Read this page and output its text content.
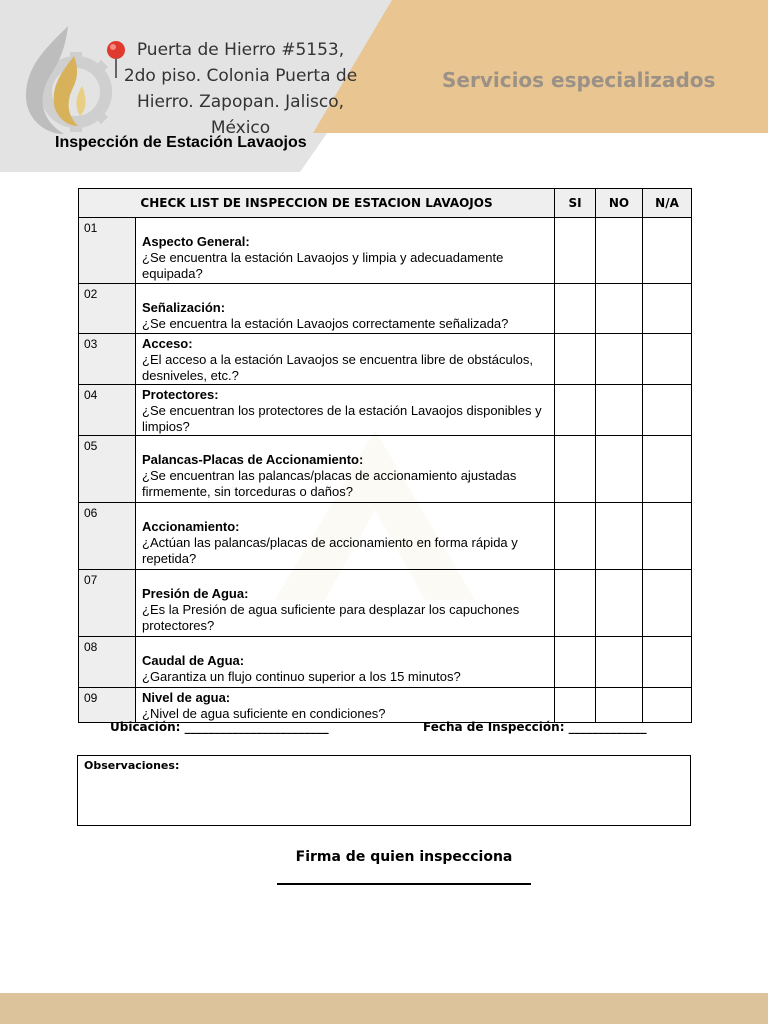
Servicios especializados
Puerta de Hierro #5153,
2do piso. Colonia Puerta de
Hierro. Zapopan. Jalisco,
México
Inspección de Estación Lavaojos
CHECK LIST DE INSPECCION DE ESTACION LAVAOJOS		SI	NO	N/A
01	Aspecto General:
¿Se encuentra la estación Lavaojos y limpia y adecuadamente equipada?			
02	Señalización:
¿Se encuentra la estación Lavaojos correctamente señalizada?			
03	Acceso:
¿El acceso a la estación Lavaojos se encuentra libre de obstáculos, desniveles, etc.?			
04	Protectores:
¿Se encuentran los protectores de la estación Lavaojos disponibles y limpios?			
05	Palancas-Placas de Accionamiento:
¿Se encuentran las palancas/placas de accionamiento ajustadas firmemente, sin torceduras o daños?			
06	Accionamiento:
¿Actúan las palancas/placas de accionamiento en forma rápida y repetida?			
07	Presión de Agua:
¿Es la Presión de agua suficiente para desplazar los capuchones protectores?			
08	Caudal de Agua:
¿Garantiza un flujo continuo superior a los 15 minutos?			
09	Nivel de agua:
¿Nivel de agua suficiente en condiciones?			
Ubicación: ________________________	Fecha de Inspección: _____________
Observaciones:
Firma de quien inspecciona
